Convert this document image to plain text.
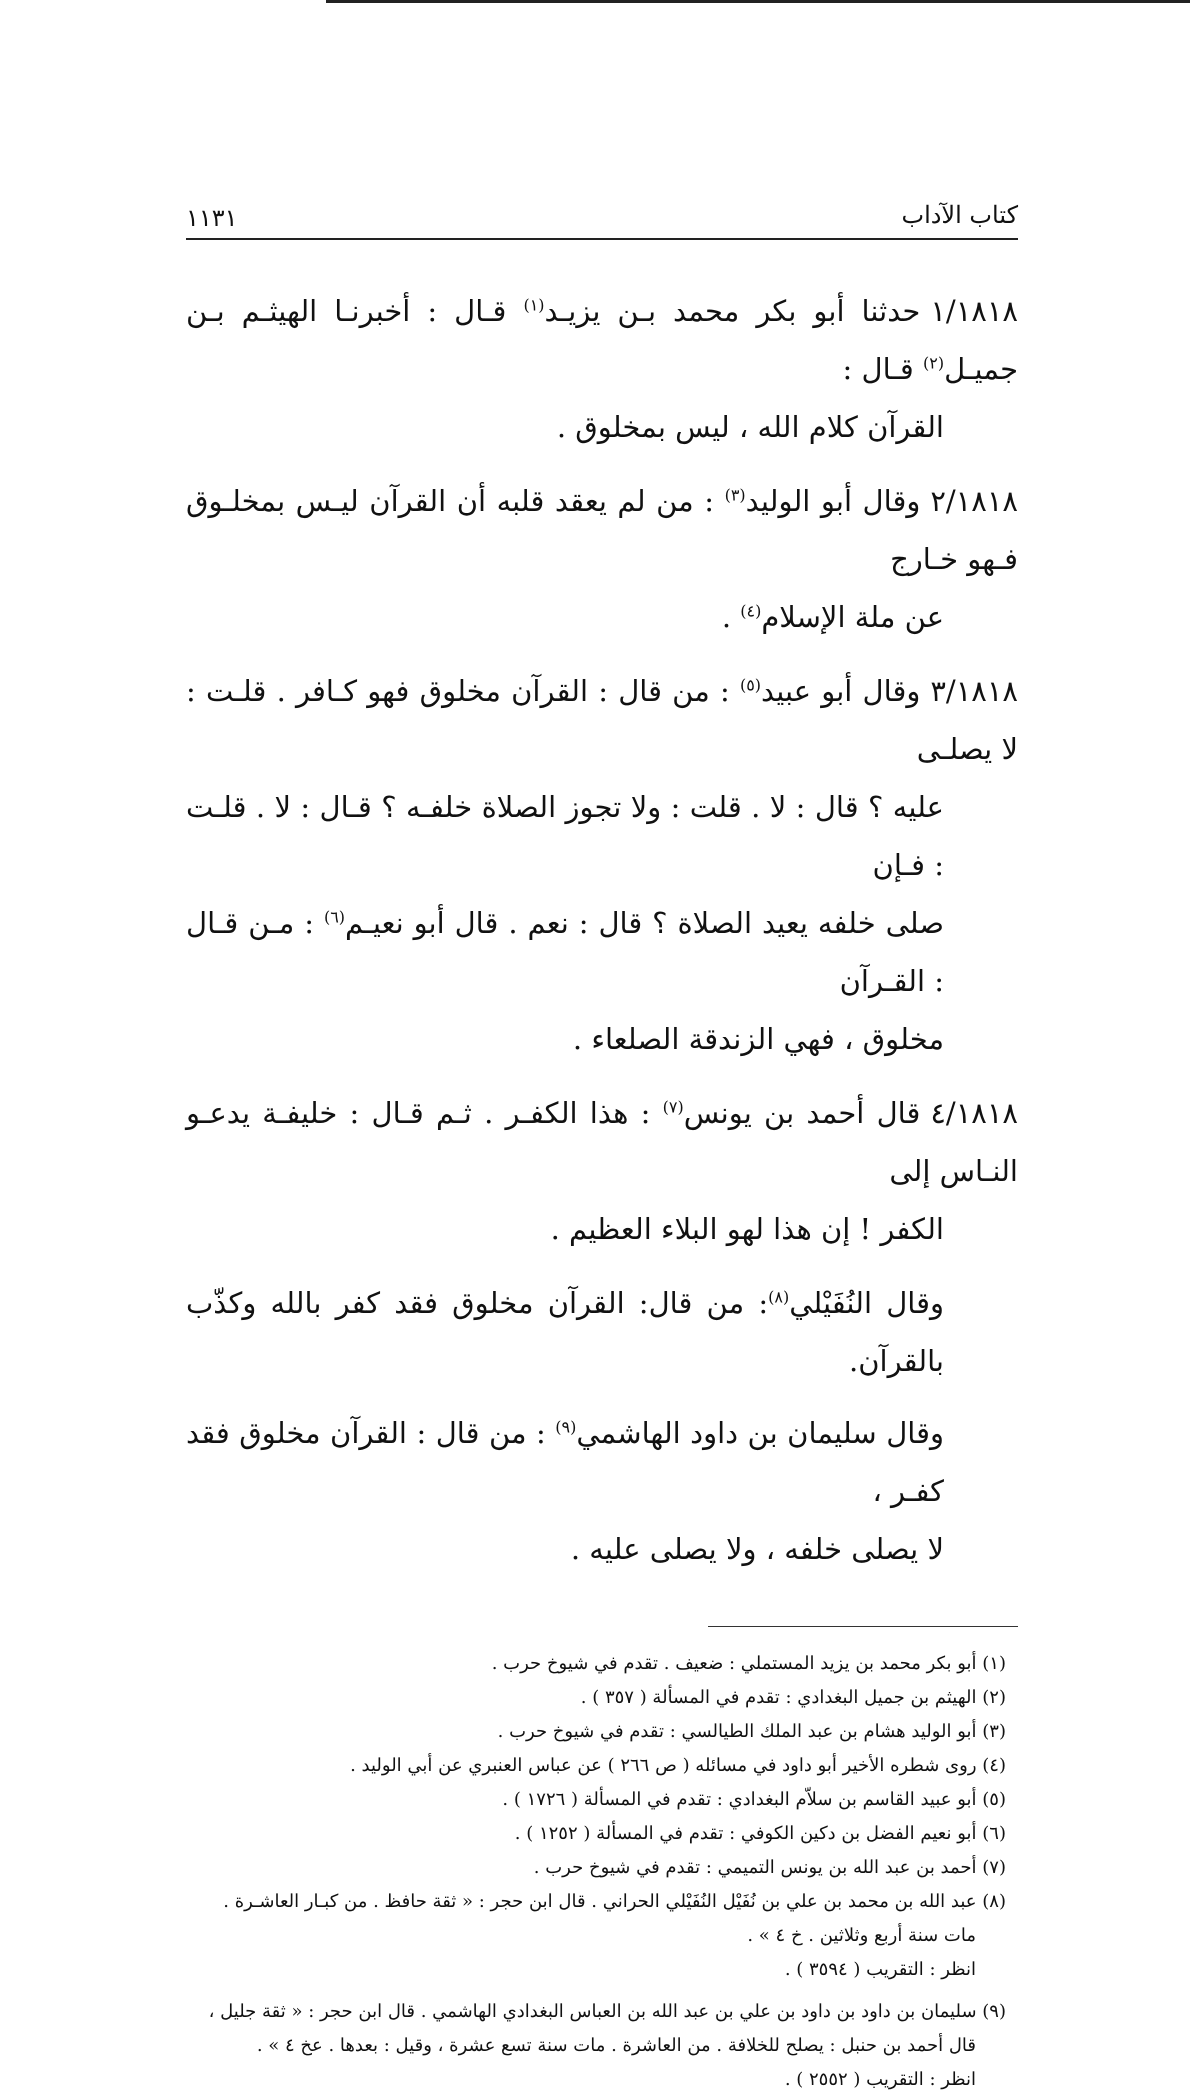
كتاب الآداب
١١٣١
١/١٨١٨حدثنا أبو بكر محمد بـن يزيـد$^{(١)}$ قـال : أخبرنـا الهيثـم بـن جميـل$^{(٢)}$ قـال :
القرآن كلام الله ، ليس بمخلوق .
٢/١٨١٨وقال أبو الوليد$^{(٣)}$ : من لم يعقد قلبه أن القرآن ليـس بمخلـوق فـهو خـارج
عن ملة الإسلام$^{(٤)}$ .
٣/١٨١٨وقال أبو عبيد$^{(٥)}$ : من قال : القرآن مخلوق فهو كـافر . قلـت : لا يصلـى
عليه ؟ قال : لا . قلت : ولا تجوز الصلاة خلفـه ؟ قـال : لا . قلـت : فـإن
صلى خلفه يعيد الصلاة ؟ قال : نعم . قال أبو نعيـم$^{(٦)}$ : مـن قـال : القـرآن
مخلوق ، فهي الزندقة الصلعاء .
٤/١٨١٨قال أحمد بن يونس$^{(٧)}$ : هذا الكفـر . ثـم قـال : خليفـة يدعـو النـاس إلى
الكفر ! إن هذا لهو البلاء العظيم .
وقال النُفَيْلي$^{(٨)}$: من قال: القرآن مخلوق فقد كفر بالله وكذّب بالقرآن.
وقال سليمان بن داود الهاشمي$^{(٩)}$ : من قال : القرآن مخلوق فقد كفـر ،
لا يصلى خلفه ، ولا يصلى عليه .
(١) أبو بكر محمد بن يزيد المستملي : ضعيف . تقدم في شيوخ حرب .
(٢) الهيثم بن جميل البغدادي : تقدم في المسألة ( ٣٥٧ ) .
(٣) أبو الوليد هشام بن عبد الملك الطيالسي : تقدم في شيوخ حرب .
(٤) روى شطره الأخير أبو داود في مسائله ( ص ٢٦٦ ) عن عباس العنبري عن أبي الوليد .
(٥) أبو عبيد القاسم بن سلاّم البغدادي : تقدم في المسألة ( ١٧٢٦ ) .
(٦) أبو نعيم الفضل بن دكين الكوفي : تقدم في المسألة ( ١٢٥٢ ) .
(٧) أحمد بن عبد الله بن يونس التميمي : تقدم في شيوخ حرب .
(٨) عبد الله بن محمد بن علي بن نُفَيْل النُفَيْلي الحراني . قال ابن حجر : « ثقة حافظ . من كبـار العاشـرة .
مات سنة أربع وثلاثين . خ ٤ » .
انظر : التقريب ( ٣٥٩٤ ) .
(٩) سليمان بن داود بن داود بن علي بن عبد الله بن العباس البغدادي الهاشمي . قال ابن حجر : « ثقة جليل ،
قال أحمد بن حنبل : يصلح للخلافة . من العاشرة . مات سنة تسع عشرة ، وقيل : بعدها . عخ ٤ » .
انظر : التقريب ( ٢٥٥٢ ) .
